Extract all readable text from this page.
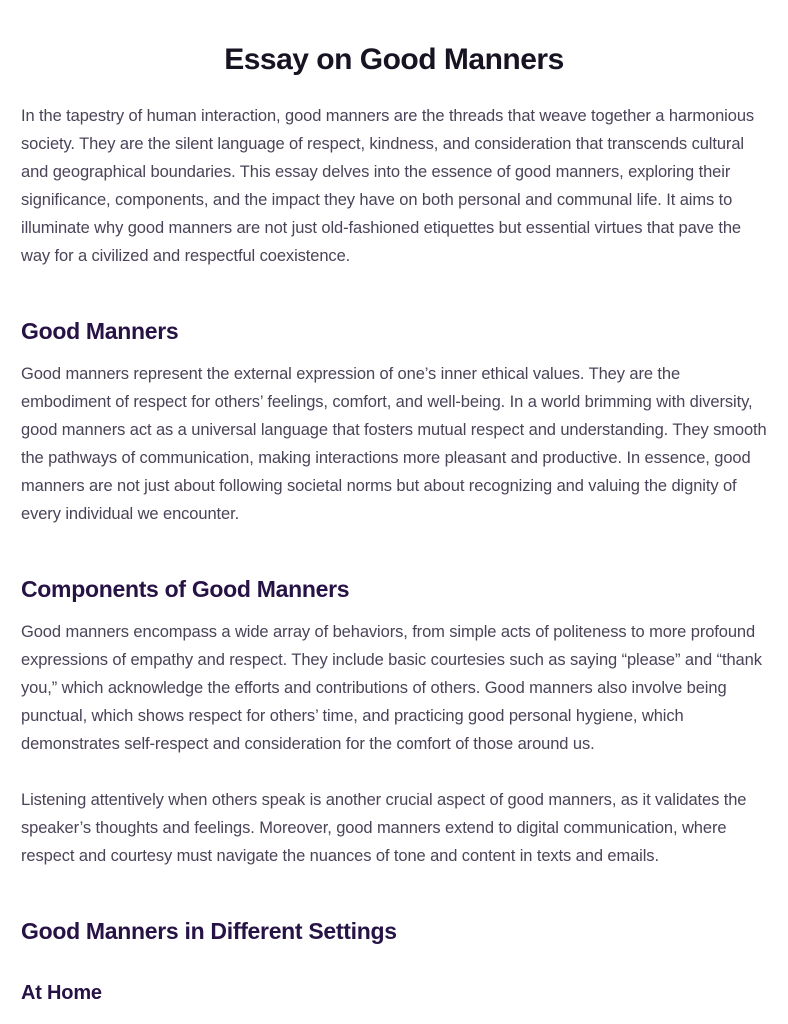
Essay on Good Manners

In the tapestry of human interaction, good manners are the threads that weave together a harmonious society. They are the silent language of respect, kindness, and consideration that transcends cultural and geographical boundaries. This essay delves into the essence of good manners, exploring their significance, components, and the impact they have on both personal and communal life. It aims to illuminate why good manners are not just old-fashioned etiquettes but essential virtues that pave the way for a civilized and respectful coexistence.

Good Manners

Good manners represent the external expression of one’s inner ethical values. They are the embodiment of respect for others’ feelings, comfort, and well-being. In a world brimming with diversity, good manners act as a universal language that fosters mutual respect and understanding. They smooth the pathways of communication, making interactions more pleasant and productive. In essence, good manners are not just about following societal norms but about recognizing and valuing the dignity of every individual we encounter.

Components of Good Manners

Good manners encompass a wide array of behaviors, from simple acts of politeness to more profound expressions of empathy and respect. They include basic courtesies such as saying “please” and “thank you,” which acknowledge the efforts and contributions of others. Good manners also involve being punctual, which shows respect for others’ time, and practicing good personal hygiene, which demonstrates self-respect and consideration for the comfort of those around us.

Listening attentively when others speak is another crucial aspect of good manners, as it validates the speaker’s thoughts and feelings. Moreover, good manners extend to digital communication, where respect and courtesy must navigate the nuances of tone and content in texts and emails.

Good Manners in Different Settings
At Home
